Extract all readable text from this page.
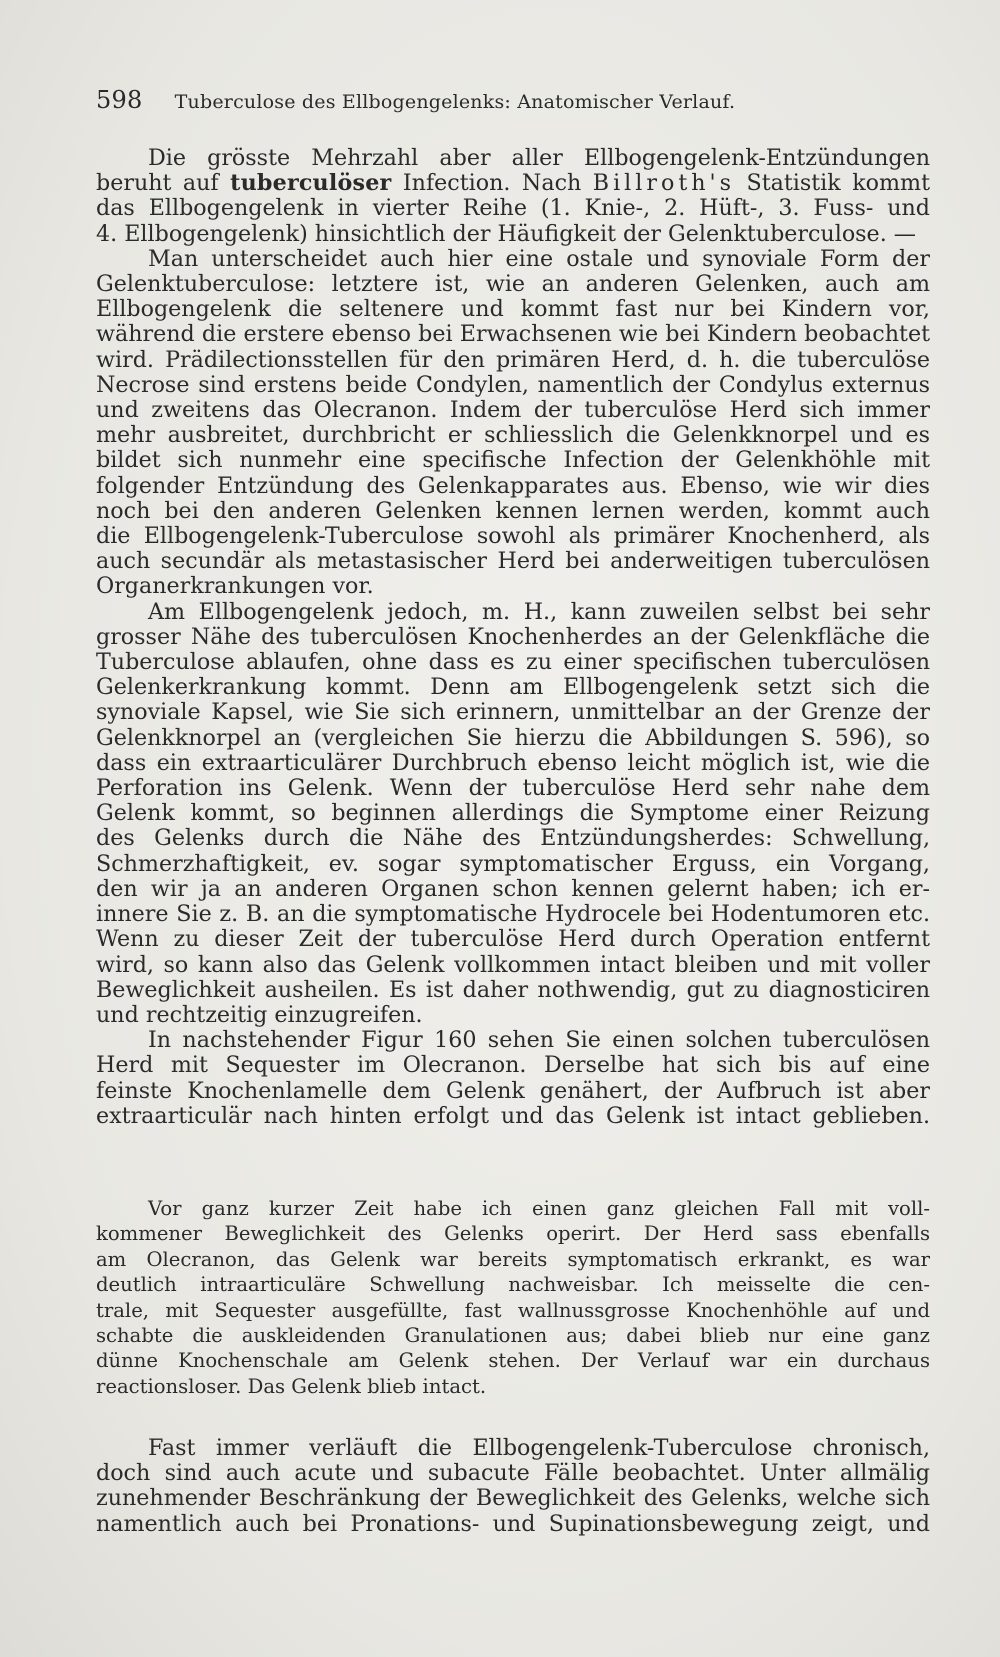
598 Tuberculose des Ellbogengelenks: Anatomischer Verlauf.
Die grösste Mehrzahl aber aller Ellbogengelenk-Entzündungen
beruht auf tuberculöser Infection. Nach Billroth's Statistik kommt
das Ellbogengelenk in vierter Reihe (1. Knie-, 2. Hüft-, 3. Fuss- und
4. Ellbogengelenk) hinsichtlich der Häufigkeit der Gelenktuberculose. —
Man unterscheidet auch hier eine ostale und synoviale Form der
Gelenktuberculose: letztere ist, wie an anderen Gelenken, auch am
Ellbogengelenk die seltenere und kommt fast nur bei Kindern vor,
während die erstere ebenso bei Erwachsenen wie bei Kindern beobachtet
wird. Prädilectionsstellen für den primären Herd, d. h. die tuberculöse
Necrose sind erstens beide Condylen, namentlich der Condylus externus
und zweitens das Olecranon. Indem der tuberculöse Herd sich immer
mehr ausbreitet, durchbricht er schliesslich die Gelenkknorpel und es
bildet sich nunmehr eine specifische Infection der Gelenkhöhle mit
folgender Entzündung des Gelenkapparates aus. Ebenso, wie wir dies
noch bei den anderen Gelenken kennen lernen werden, kommt auch
die Ellbogengelenk-Tuberculose sowohl als primärer Knochenherd, als
auch secundär als metastasischer Herd bei anderweitigen tuberculösen
Organerkrankungen vor.
Am Ellbogengelenk jedoch, m. H., kann zuweilen selbst bei sehr
grosser Nähe des tuberculösen Knochenherdes an der Gelenkfläche die
Tuberculose ablaufen, ohne dass es zu einer specifischen tuberculösen
Gelenkerkrankung kommt. Denn am Ellbogengelenk setzt sich die
synoviale Kapsel, wie Sie sich erinnern, unmittelbar an der Grenze der
Gelenkknorpel an (vergleichen Sie hierzu die Abbildungen S. 596), so
dass ein extraarticulärer Durchbruch ebenso leicht möglich ist, wie die
Perforation ins Gelenk. Wenn der tuberculöse Herd sehr nahe dem
Gelenk kommt, so beginnen allerdings die Symptome einer Reizung
des Gelenks durch die Nähe des Entzündungsherdes: Schwellung,
Schmerzhaftigkeit, ev. sogar symptomatischer Erguss, ein Vorgang,
den wir ja an anderen Organen schon kennen gelernt haben; ich er-
innere Sie z. B. an die symptomatische Hydrocele bei Hodentumoren etc.
Wenn zu dieser Zeit der tuberculöse Herd durch Operation entfernt
wird, so kann also das Gelenk vollkommen intact bleiben und mit voller
Beweglichkeit ausheilen. Es ist daher nothwendig, gut zu diagnosticiren
und rechtzeitig einzugreifen.
In nachstehender Figur 160 sehen Sie einen solchen tuberculösen
Herd mit Sequester im Olecranon. Derselbe hat sich bis auf eine
feinste Knochenlamelle dem Gelenk genähert, der Aufbruch ist aber
extraarticulär nach hinten erfolgt und das Gelenk ist intact geblieben.
Vor ganz kurzer Zeit habe ich einen ganz gleichen Fall mit voll-
kommener Beweglichkeit des Gelenks operirt. Der Herd sass ebenfalls
am Olecranon, das Gelenk war bereits symptomatisch erkrankt, es war
deutlich intraarticuläre Schwellung nachweisbar. Ich meisselte die cen-
trale, mit Sequester ausgefüllte, fast wallnussgrosse Knochenhöhle auf und
schabte die auskleidenden Granulationen aus; dabei blieb nur eine ganz
dünne Knochenschale am Gelenk stehen. Der Verlauf war ein durchaus
reactionsloser. Das Gelenk blieb intact.
Fast immer verläuft die Ellbogengelenk-Tuberculose chronisch,
doch sind auch acute und subacute Fälle beobachtet. Unter allmälig
zunehmender Beschränkung der Beweglichkeit des Gelenks, welche sich
namentlich auch bei Pronations- und Supinationsbewegung zeigt, und
